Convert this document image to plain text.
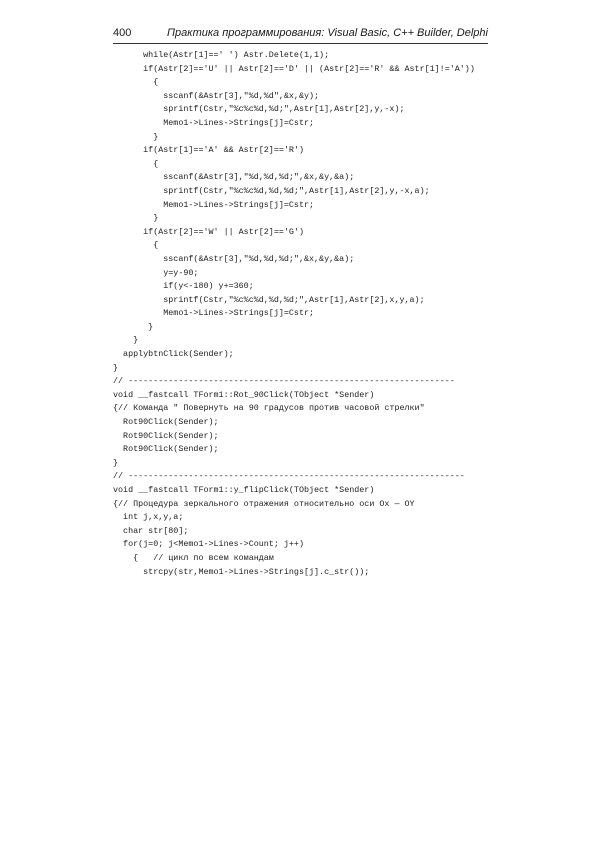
400	Практика программирования: Visual Basic, C++ Builder, Delphi
while(Astr[1]==' ') Astr.Delete(1,1);
if(Astr[2]=='U' || Astr[2]=='D' || (Astr[2]=='R' && Astr[1]!='A'))
{
sscanf(&Astr[3],"%d,%d",&x,&y);
sprintf(Cstr,"%c%c%d,%d;",Astr[1],Astr[2],y,-x);
Memo1->Lines->Strings[j]=Cstr;
}
if(Astr[1]=='A' && Astr[2]=='R')
{
sscanf(&Astr[3],"%d,%d,%d;",&x,&y,&a);
sprintf(Cstr,"%c%c%d,%d,%d;",Astr[1],Astr[2],y,-x,a);
Memo1->Lines->Strings[j]=Cstr;
}
if(Astr[2]=='W' || Astr[2]=='G')
{
sscanf(&Astr[3],"%d,%d,%d;",&x,&y,&a);
y=y-90;
if(y<-180) y+=360;
sprintf(Cstr,"%c%c%d,%d,%d;",Astr[1],Astr[2],x,y,a);
Memo1->Lines->Strings[j]=Cstr;
}
}
applybtnClick(Sender);
}
// -----------------------------------------------------------------
void __fastcall TForm1::Rot_90Click(TObject *Sender)
{// Команда " Повернуть на 90 градусов против часовой стрелки"
Rot90Click(Sender);
Rot90Click(Sender);
Rot90Click(Sender);
}
// -------------------------------------------------------------------
void __fastcall TForm1::y_flipClick(TObject *Sender)
{// Процедура зеркального отражения относительно оси Ox — OY
int j,x,y,a;
char str[80];
for(j=0; j<Memo1->Lines->Count; j++)
{   // цикл по всем командам
strcpy(str,Memo1->Lines->Strings[j].c_str());
